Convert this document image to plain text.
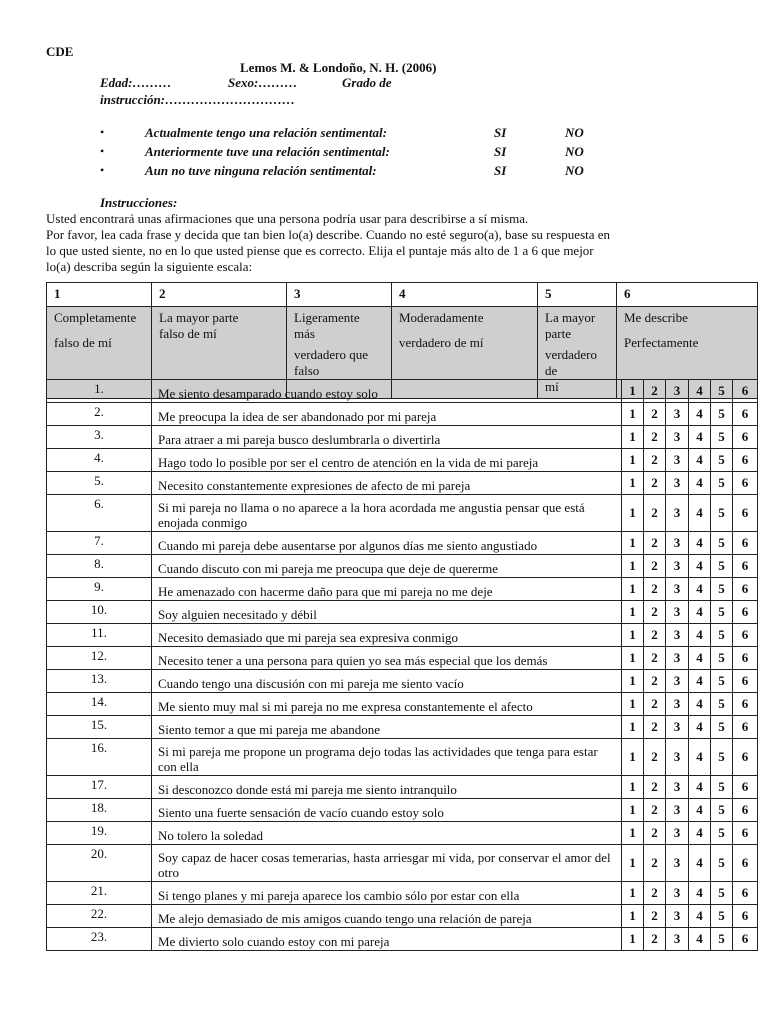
CDE
Lemos M. & Londoño, N. H. (2006)
Edad:………	Sexo:………	Grado de
instrucción:…………………………
•	Actualmente tengo una relación sentimental:	SI	NO
•	Anteriormente tuve una relación sentimental:	SI	NO
•	Aun no tuve ninguna relación sentimental:	SI	NO
Instrucciones:
Usted encontrará unas afirmaciones que una persona podría usar para describirse a sí misma.
Por favor, lea cada frase y decida que tan bien lo(a) describe. Cuando no esté seguro(a), base su respuesta en
lo que usted siente, no en lo que usted piense que es correcto. Elija el puntaje más alto de 1 a 6 que mejor
lo(a) describa según la siguiente escala:
1	2	3	4	5	6

Completamente
falso de mí	La mayor parte
falso de mí	Ligeramente
más
verdadero que
falso	Moderadamente
verdadero de mí	La mayor
parte
verdadero de
mí	Me describe
Perfectamente
1.	Me siento desamparado cuando estoy solo	1	2	3	4	5	6
2.	Me preocupa la idea de ser abandonado por mi pareja	1	2	3	4	5	6
3.	Para atraer a mi pareja busco deslumbrarla o divertirla	1	2	3	4	5	6
4.	Hago todo lo posible por ser el centro de atención en la vida de mi pareja	1	2	3	4	5	6
5.	Necesito constantemente expresiones de afecto de mi pareja	1	2	3	4	5	6
6.	Si mi pareja no llama o no aparece a la hora acordada me angustia pensar que está enojada conmigo	1	2	3	4	5	6
7.	Cuando mi pareja debe ausentarse por algunos días me siento angustiado	1	2	3	4	5	6
8.	Cuando discuto con mi pareja me preocupa que deje de quererme	1	2	3	4	5	6
9.	He amenazado con hacerme daño para que mi pareja no me deje	1	2	3	4	5	6
10.	Soy alguien necesitado y débil	1	2	3	4	5	6
11.	Necesito demasiado que mi pareja sea expresiva conmigo	1	2	3	4	5	6
12.	Necesito tener a una persona para quien yo sea más especial que los demás	1	2	3	4	5	6
13.	Cuando tengo una discusión con mi pareja me siento vacío	1	2	3	4	5	6
14.	Me siento muy mal si mi pareja no me expresa constantemente el afecto	1	2	3	4	5	6
15.	Siento temor a que mi pareja me abandone	1	2	3	4	5	6
16.	Si mi pareja me propone un programa dejo todas las actividades que tenga para estar con ella	1	2	3	4	5	6
17.	Si desconozco donde está mi pareja me siento intranquilo	1	2	3	4	5	6
18.	Siento una fuerte sensación de vacío cuando estoy solo	1	2	3	4	5	6
19.	No tolero la soledad	1	2	3	4	5	6
20.	Soy capaz de hacer cosas temerarias, hasta arriesgar mi vida, por conservar el amor del otro	1	2	3	4	5	6
21.	Si tengo planes y mi pareja aparece los cambio sólo por estar con ella	1	2	3	4	5	6
22.	Me alejo demasiado de mis amigos cuando tengo una relación de pareja	1	2	3	4	5	6
23.	Me divierto solo cuando estoy con mi pareja	1	2	3	4	5	6
